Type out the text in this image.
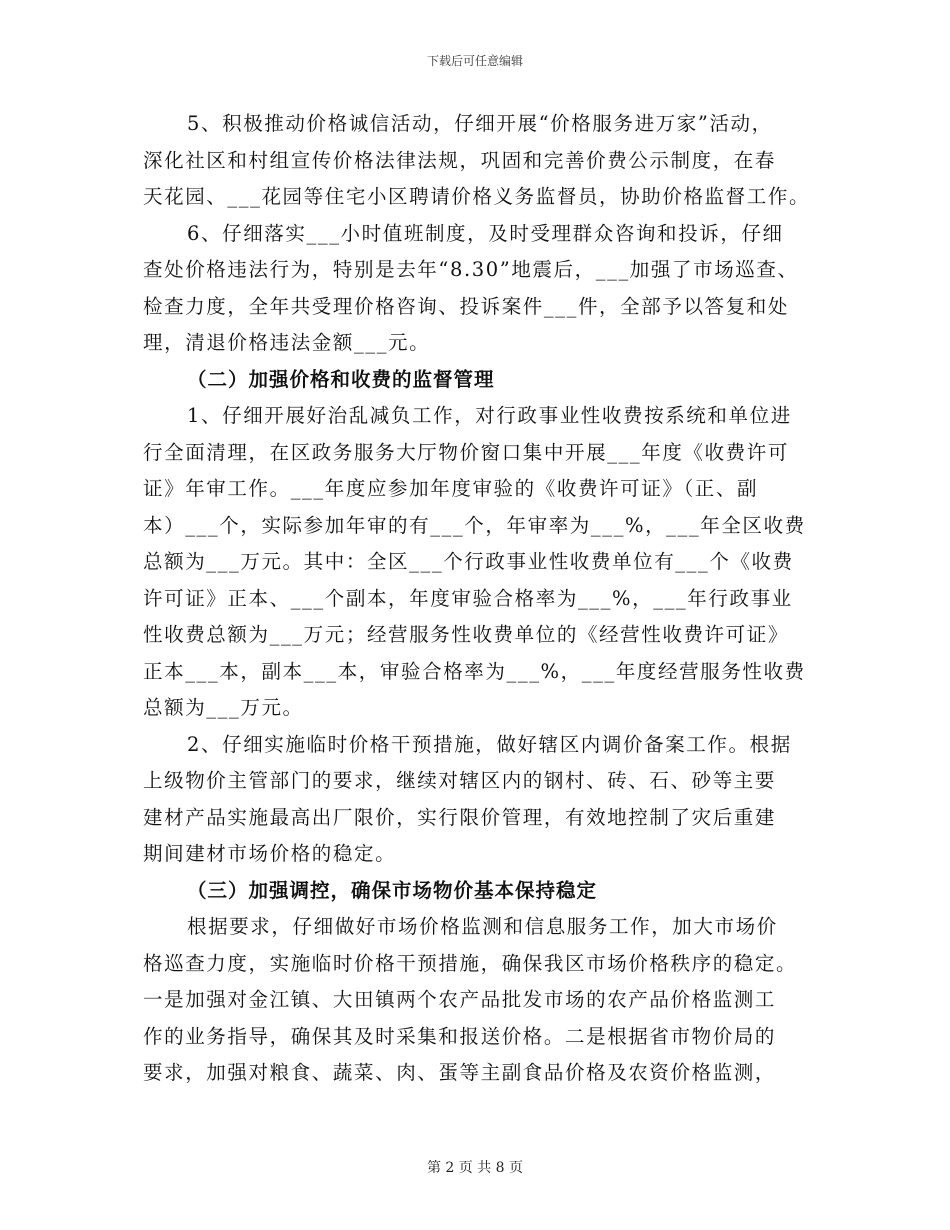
下载后可任意编辑
5、积极推动价格诚信活动，仔细开展“价格服务进万家”活动，
深化社区和村组宣传价格法律法规，巩固和完善价费公示制度，在春
天花园、___花园等住宅小区聘请价格义务监督员，协助价格监督工作。
6、仔细落实___小时值班制度，及时受理群众咨询和投诉，仔细
查处价格违法行为，特别是去年“8.30”地震后，___加强了市场巡查、
检查力度，全年共受理价格咨询、投诉案件___件，全部予以答复和处
理，清退价格违法金额___元。
（二）加强价格和收费的监督管理
1、仔细开展好治乱减负工作，对行政事业性收费按系统和单位进
行全面清理，在区政务服务大厅物价窗口集中开展___年度《收费许可
证》年审工作。___年度应参加年度审验的《收费许可证》（正、副
本）___个，实际参加年审的有___个，年审率为___%，___年全区收费
总额为___万元。其中：全区___个行政事业性收费单位有___个《收费
许可证》正本、___个副本，年度审验合格率为___%，___年行政事业
性收费总额为___万元；经营服务性收费单位的《经营性收费许可证》
正本___本，副本___本，审验合格率为___%，___年度经营服务性收费
总额为___万元。
2、仔细实施临时价格干预措施，做好辖区内调价备案工作。根据
上级物价主管部门的要求，继续对辖区内的钢村、砖、石、砂等主要
建材产品实施最高出厂限价，实行限价管理，有效地控制了灾后重建
期间建材市场价格的稳定。
（三）加强调控，确保市场物价基本保持稳定
根据要求，仔细做好市场价格监测和信息服务工作，加大市场价
格巡查力度，实施临时价格干预措施，确保我区市场价格秩序的稳定。
一是加强对金江镇、大田镇两个农产品批发市场的农产品价格监测工
作的业务指导，确保其及时采集和报送价格。二是根据省市物价局的
要求，加强对粮食、蔬菜、肉、蛋等主副食品价格及农资价格监测，
第 2 页 共 8 页
